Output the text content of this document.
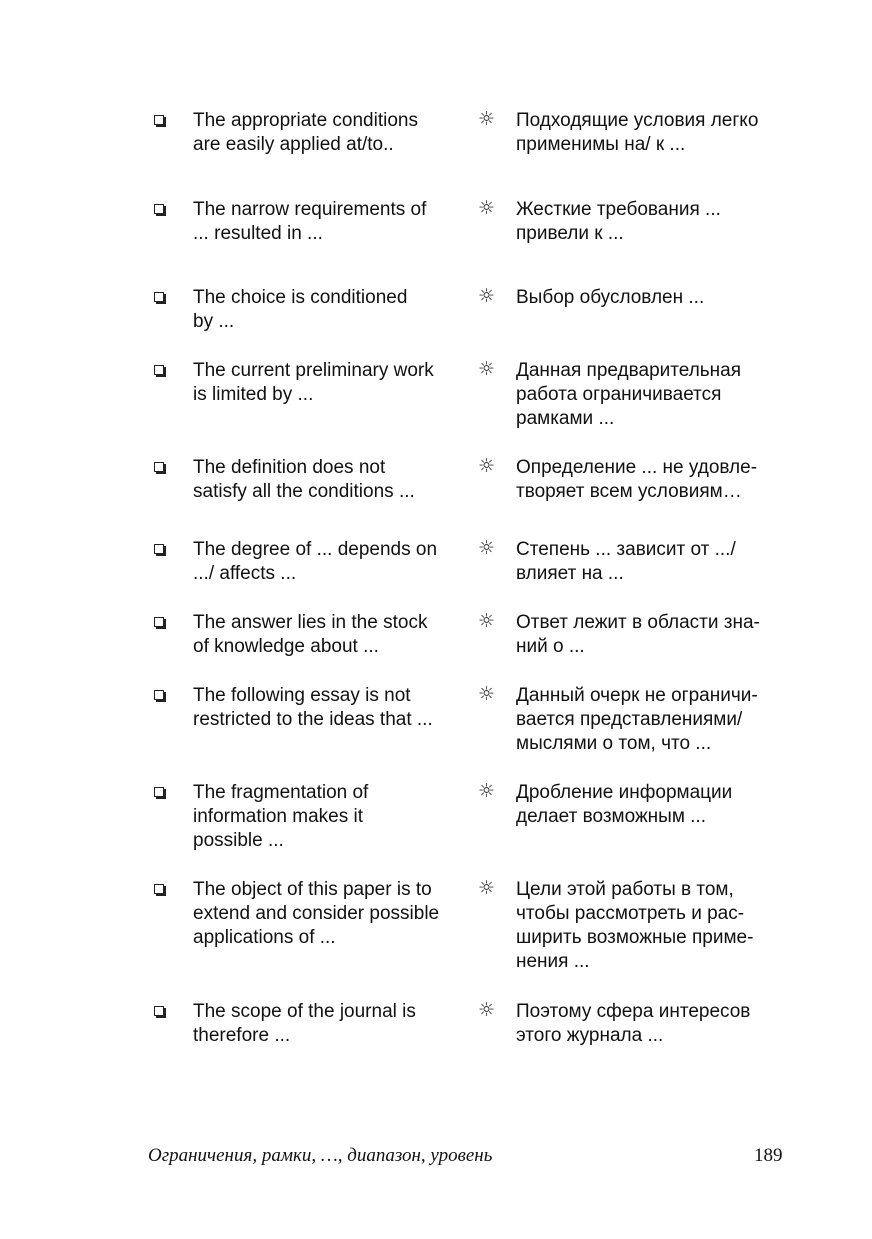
The appropriate conditions
are easily applied at/to..
☼ Подходящие условия легко
применимы на/ к ...
The narrow requirements of
... resulted in ...
☼ Жесткие требования ...
привели к ...
The choice is conditioned
by ...
☼ Выбор обусловлен ...
The current preliminary work
is limited by ...
☼ Данная предварительная
работа ограничивается
рамками ...
The definition does not
satisfy all the conditions ...
☼ Определение ... не удовле-
творяет всем условиям…
The degree of ... depends on
.../ affects ...
☼ Степень ... зависит от .../
влияет на ...
The answer lies in the stock
of knowledge about ...
☼ Ответ лежит в области зна-
ний о ...
The following essay is not
restricted to the ideas that ...
☼ Данный очерк не ограничи-
вается представлениями/
мыслями о том, что ...
The fragmentation of
information makes it
possible ...
☼ Дробление информации
делает возможным ...
The object of this paper is to
extend and consider possible
applications of ...
☼ Цели этой работы в том,
чтобы рассмотреть и рас-
ширить возможные приме-
нения ...
The scope of the journal is
therefore ...
☼ Поэтому сфера интересов
этого журнала ...
Ограничения, рамки, …, диапазон, уровень	189
